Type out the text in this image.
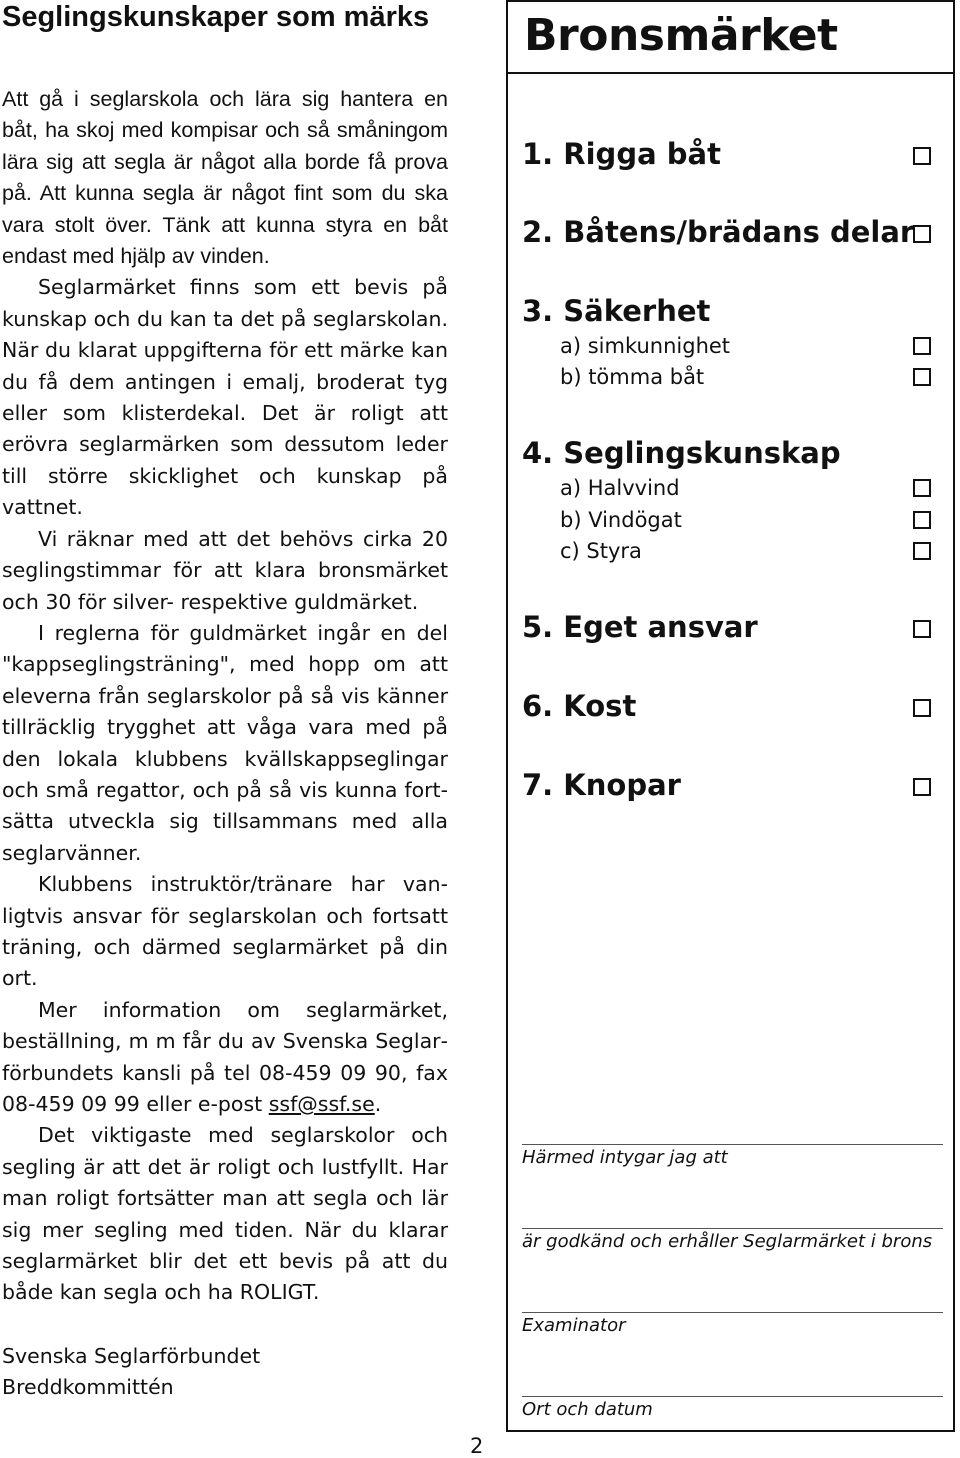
Seglingskunskaper som märks

Att gå i seglarskola och lära sig hantera en båt, ha skoj med kompisar och så småningom lära sig att segla är något alla borde få prova på. Att kunna segla är något fint som du ska vara stolt över. Tänk att kunna styra en båt endast med hjälp av vinden.

Seglarmärket finns som ett bevis på kunskap och du kan ta det på seglarskolan. När du klarat uppgifterna för ett märke kan du få dem antingen i emalj, broderat tyg eller som klisterdekal. Det är roligt att erövra seglarmärken som dessutom leder till större skicklighet och kunskap på vattnet.

Vi räknar med att det behövs cirka 20 seglingstimmar för att klara bronsmärket och 30 för silver- respektive guldmärket.

I reglerna för guldmärket ingår en del "kappseglingsträning", med hopp om att eleverna från seglarskolor på så vis känner tillräcklig trygghet att våga vara med på den lokala klubbens kvällskappseglingar och små regattor, och på så vis kunna fortsätta utveckla sig tillsammans med alla seglarvänner.

Klubbens instruktör/tränare har vanligtvis ansvar för seglarskolan och fortsatt träning, och därmed seglarmärket på din ort.

Mer information om seglarmärket, beställning, m m får du av Svenska Seglarförbundets kansli på tel 08-459 09 90, fax 08-459 09 99 eller e-post ssf@ssf.se.

Det viktigaste med seglarskolor och segling är att det är roligt och lustfyllt. Har man roligt fortsätter man att segla och lär sig mer segling med tiden. När du klarar seglarmärket blir det ett bevis på att du både kan segla och ha ROLIGT.

Svenska Seglarförbundet
Breddkommittén
2
Bronsmärket
1. Rigga båt
2. Båtens/brädans delar
3. Säkerhet
a) simkunnighet
b) tömma båt
4. Seglingskunskap
a) Halvvind
b) Vindögat
c) Styra
5. Eget ansvar
6. Kost
7. Knopar
Härmed intygar jag att
är godkänd och erhåller Seglarmärket i brons
Examinator
Ort och datum
